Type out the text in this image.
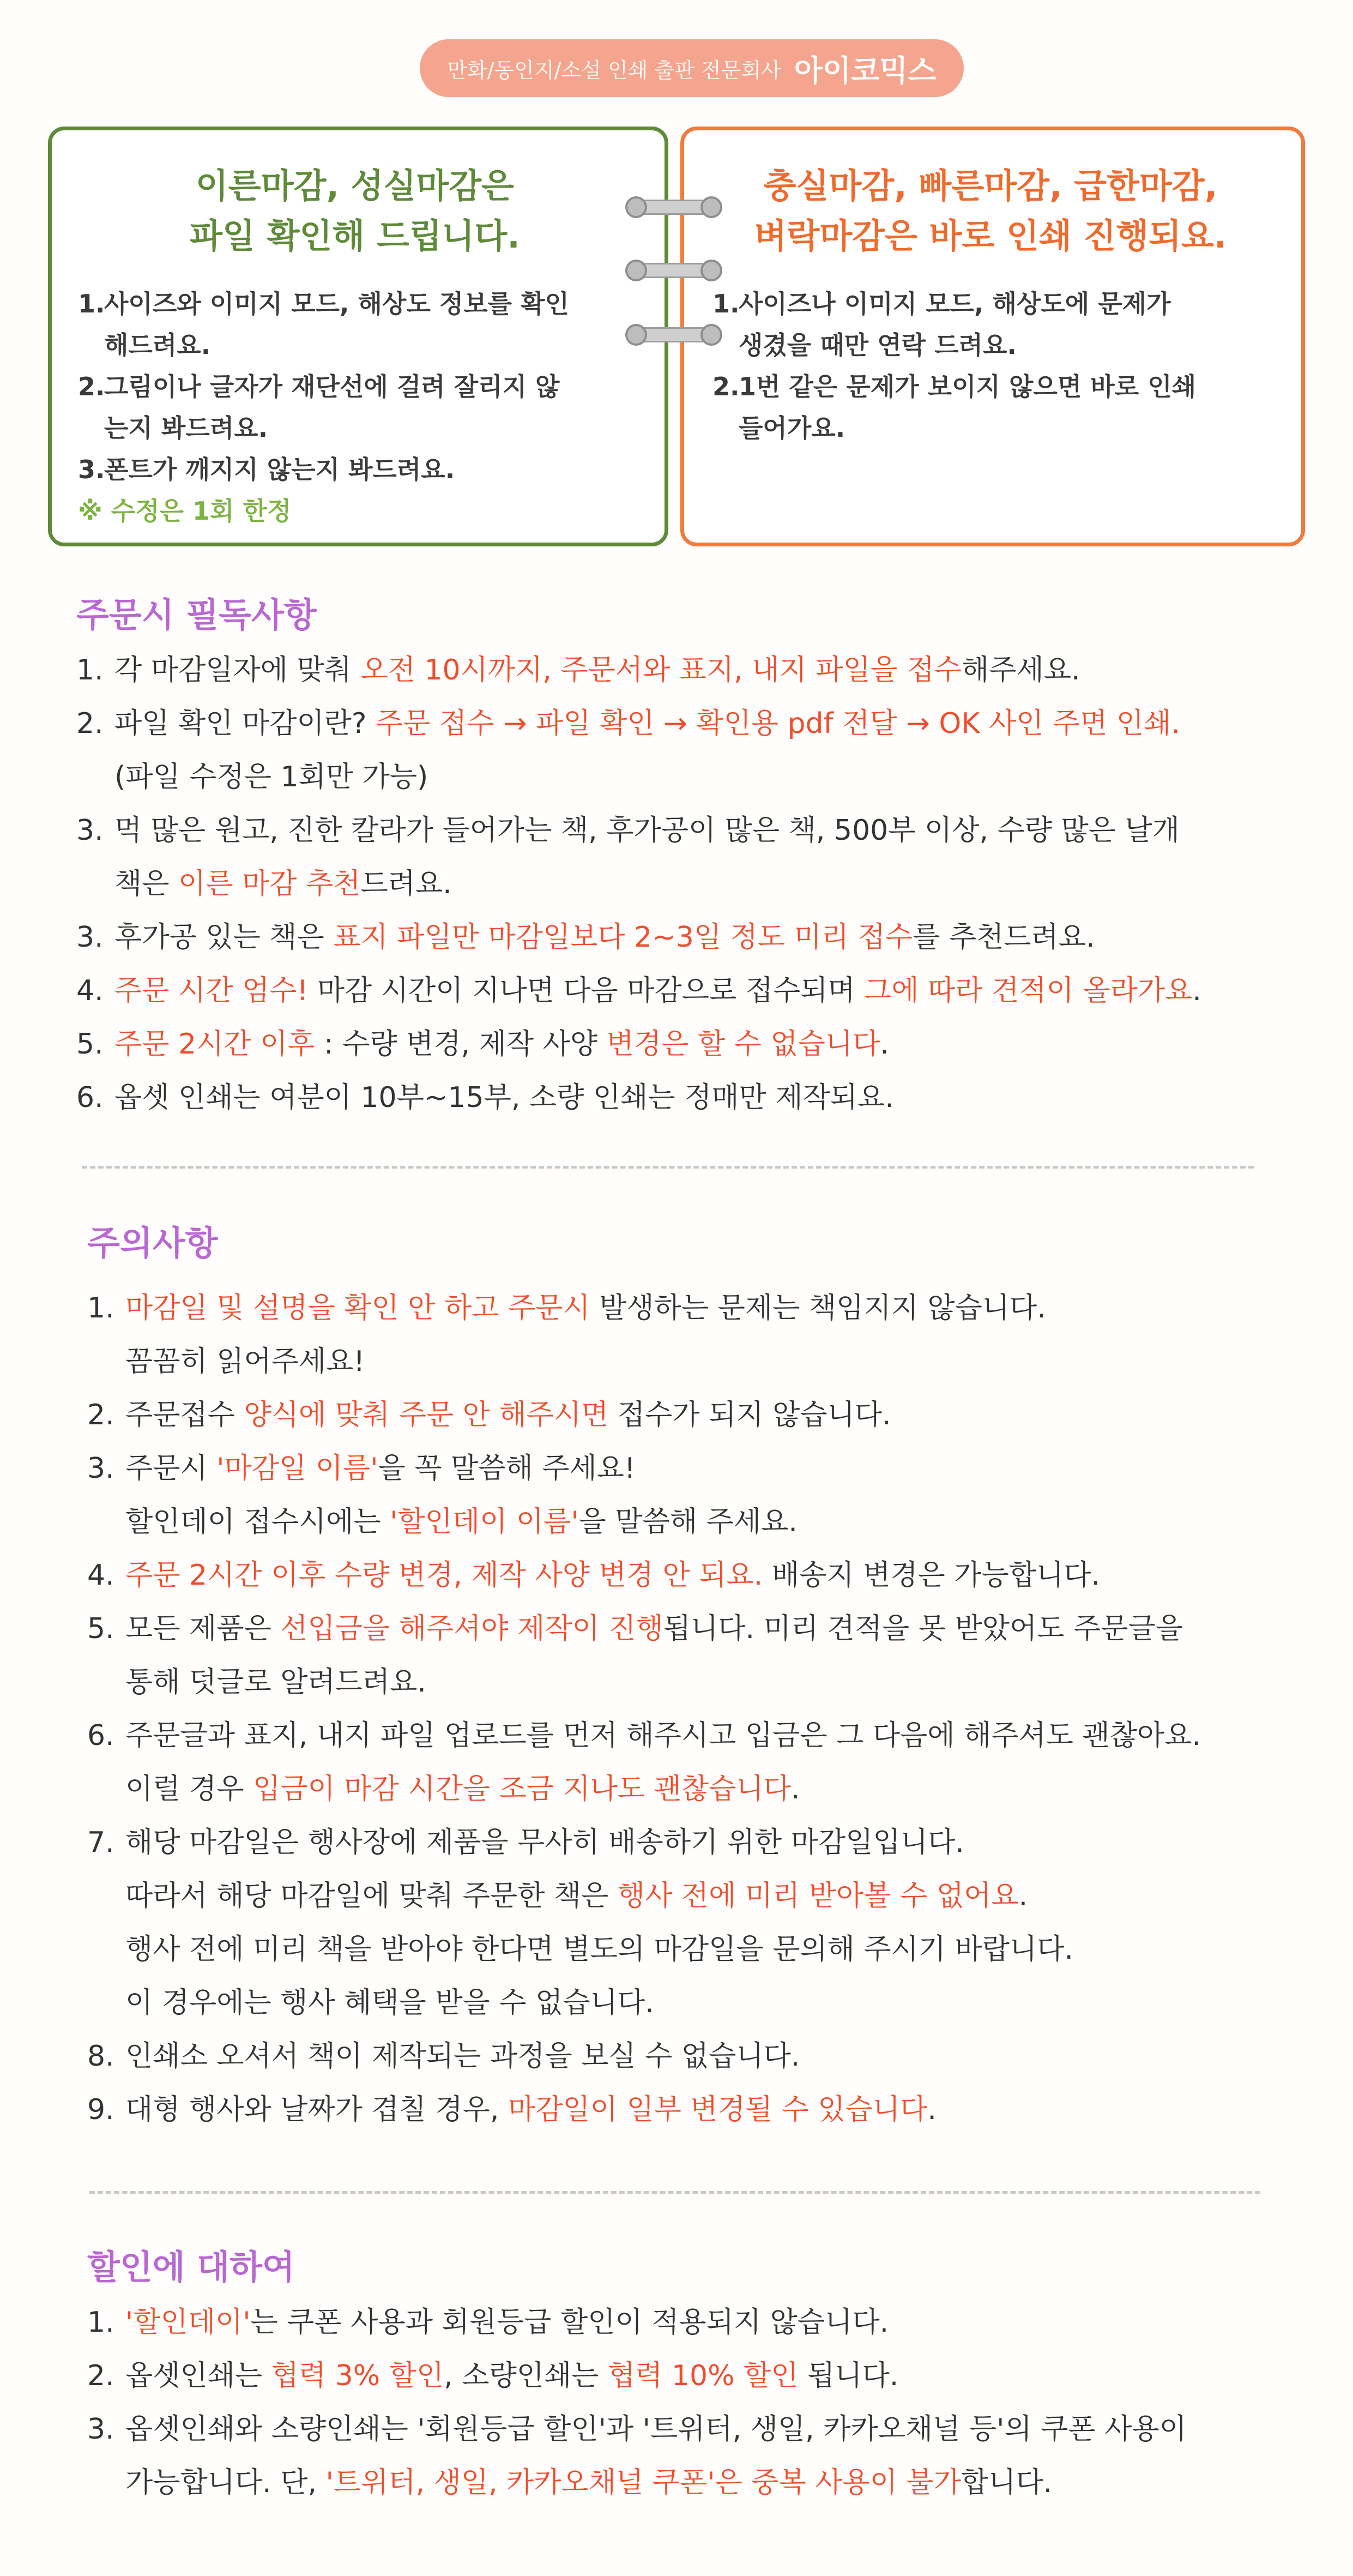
만화/동인지/소설 인쇄 출판 전문회사 아이코믹스
이른마감, 성실마감은
파일 확인해 드립니다.
1.사이즈와 이미지 모드, 해상도 정보를 확인
해드려요.
2.그림이나 글자가 재단선에 걸려 잘리지 않
는지 봐드려요.
3.폰트가 깨지지 않는지 봐드려요.
※ 수정은 1회 한정
충실마감, 빠른마감, 급한마감,
벼락마감은 바로 인쇄 진행되요.
1.사이즈나 이미지 모드, 해상도에 문제가
생겼을 때만 연락 드려요.
2.1번 같은 문제가 보이지 않으면 바로 인쇄
들어가요.
주문시 필독사항
1. 각 마감일자에 맞춰 오전 10시까지, 주문서와 표지, 내지 파일을 접수해주세요.
2. 파일 확인 마감이란? 주문 접수 → 파일 확인 → 확인용 pdf 전달 → OK 사인 주면 인쇄.
(파일 수정은 1회만 가능)
3. 먹 많은 원고, 진한 칼라가 들어가는 책, 후가공이 많은 책, 500부 이상, 수량 많은 날개
책은 이른 마감 추천드려요.
3. 후가공 있는 책은 표지 파일만 마감일보다 2~3일 정도 미리 접수를 추천드려요.
4. 주문 시간 엄수! 마감 시간이 지나면 다음 마감으로 접수되며 그에 따라 견적이 올라가요.
5. 주문 2시간 이후 : 수량 변경, 제작 사양 변경은 할 수 없습니다.
6. 옵셋 인쇄는 여분이 10부~15부, 소량 인쇄는 정매만 제작되요.
주의사항
1. 마감일 및 설명을 확인 안 하고 주문시 발생하는 문제는 책임지지 않습니다.
꼼꼼히 읽어주세요!
2. 주문접수 양식에 맞춰 주문 안 해주시면 접수가 되지 않습니다.
3. 주문시 '마감일 이름'을 꼭 말씀해 주세요!
할인데이 접수시에는 '할인데이 이름'을 말씀해 주세요.
4. 주문 2시간 이후 수량 변경, 제작 사양 변경 안 되요. 배송지 변경은 가능합니다.
5. 모든 제품은 선입금을 해주셔야 제작이 진행됩니다. 미리 견적을 못 받았어도 주문글을
통해 덧글로 알려드려요.
6. 주문글과 표지, 내지 파일 업로드를 먼저 해주시고 입금은 그 다음에 해주셔도 괜찮아요.
이럴 경우 입금이 마감 시간을 조금 지나도 괜찮습니다.
7. 해당 마감일은 행사장에 제품을 무사히 배송하기 위한 마감일입니다.
따라서 해당 마감일에 맞춰 주문한 책은 행사 전에 미리 받아볼 수 없어요.
행사 전에 미리 책을 받아야 한다면 별도의 마감일을 문의해 주시기 바랍니다.
이 경우에는 행사 혜택을 받을 수 없습니다.
8. 인쇄소 오셔서 책이 제작되는 과정을 보실 수 없습니다.
9. 대형 행사와 날짜가 겹칠 경우, 마감일이 일부 변경될 수 있습니다.
할인에 대하여
1. '할인데이'는 쿠폰 사용과 회원등급 할인이 적용되지 않습니다.
2. 옵셋인쇄는 협력 3% 할인, 소량인쇄는 협력 10% 할인 됩니다.
3. 옵셋인쇄와 소량인쇄는 '회원등급 할인'과 '트위터, 생일, 카카오채널 등'의 쿠폰 사용이
가능합니다. 단, '트위터, 생일, 카카오채널 쿠폰'은 중복 사용이 불가합니다.
